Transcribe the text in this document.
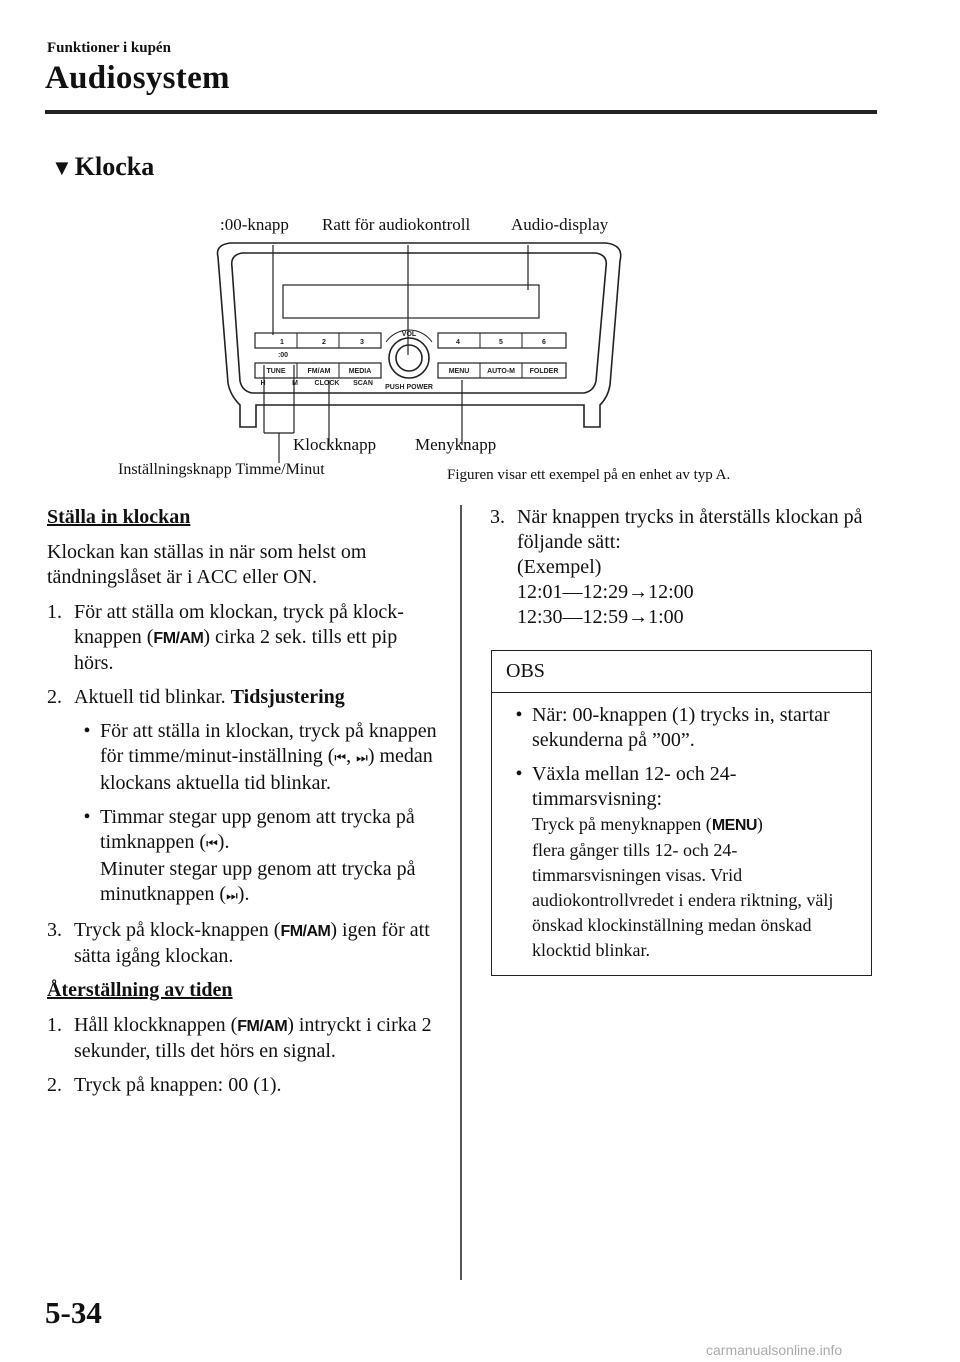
Funktioner i kupén
Audiosystem
▼Klocka
1	2	3	4	5	6
:00
VOL
TUNE	FM/AM	MEDIA
H	M CLOCK SCAN
PUSH POWER
MENU	AUTO-M FOLDER
:00-knapp Ratt för audiokontroll Audio-display
Klockknapp Menyknapp
Inställningsknapp Timme/Minut	Figuren visar ett exempel på en enhet av typ A.
Ställa in klockan

Klockan kan ställas in när som helst om tändningslåset är i ACC eller ON.

1. För att ställa om klockan, tryck på klock-knappen (FM/AM) cirka 2 sek. tills ett pip hörs.
2. Aktuell tid blinkar. Tidsjustering
•
För att ställa in klockan, tryck på knappen för timme/minut-inställning (⏮ , ⏭ ) medan klockans aktuella tid blinkar.
•
Timmar stegar upp genom att trycka på timknappen (⏮ ).
Minuter stegar upp genom att trycka på minutknappen (⏭ ).
3. Tryck på klock-knappen (FM/AM) igen för att sätta igång klockan.
Återställning av tiden
1. Håll klockknappen (FM/AM) intryckt i cirka 2 sekunder, tills det hörs en signal.
2. Tryck på knappen: 00 (1).
3. När knappen trycks in återställs klockan på följande sätt:
(Exempel)
12:01—12:29→12:00
12:30—12:59→1:00
OBS
•
När: 00-knappen (1) trycks in, startar sekunderna på ”00”.
•
Växla mellan 12- och 24-timmarsvisning:
Tryck på menyknappen (MENU)
flera gånger tills 12- och 24-timmarsvisningen visas. Vrid
audiokontrollvredet i endera riktning, välj önskad klockinställning medan önskad klocktid blinkar.
5-34
carmanualsonline.info
